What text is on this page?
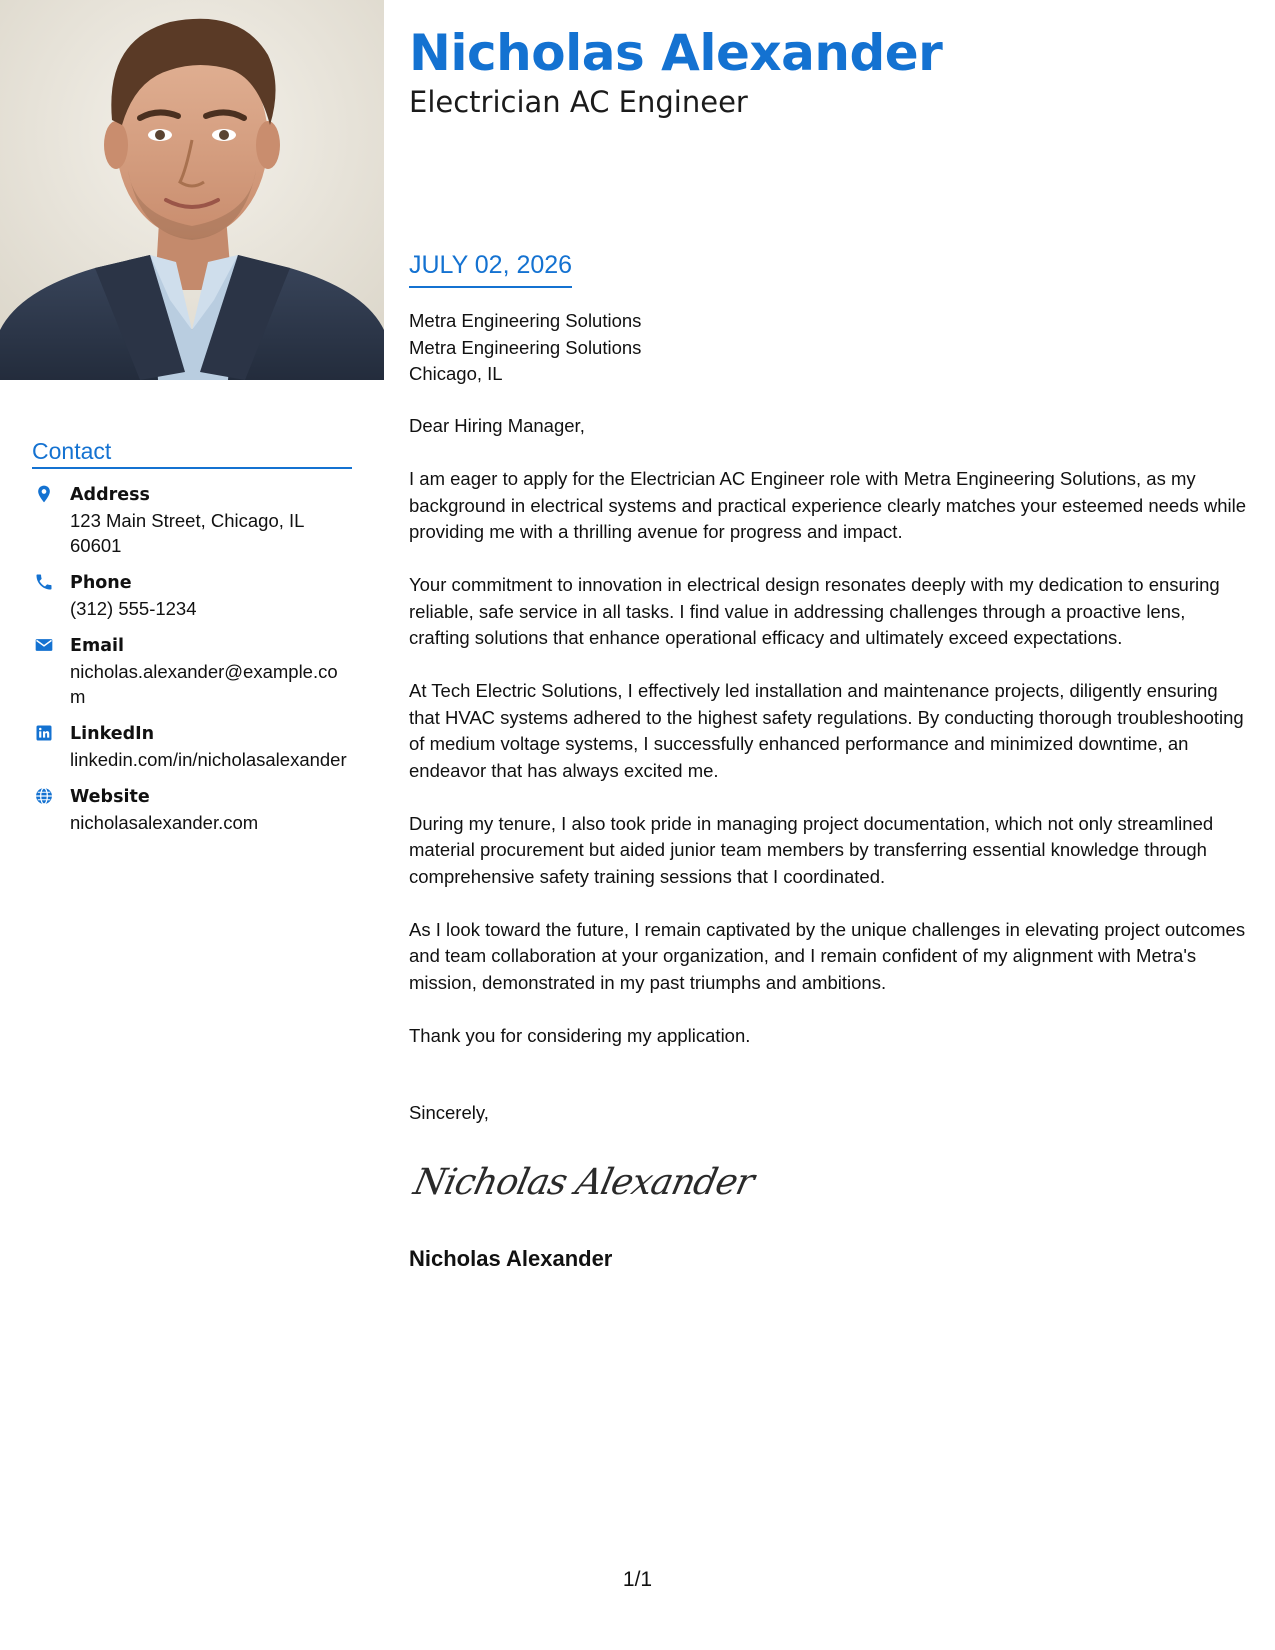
Contact
Address
123 Main Street, Chicago, IL 60601
Phone
(312) 555-1234
Email
nicholas.alexander@example.com
LinkedIn
linkedin.com/in/nicholasalexander
Website
nicholasalexander.com
Nicholas Alexander
Electrician AC Engineer
JULY 02, 2026
Metra Engineering Solutions
Metra Engineering Solutions
Chicago, IL

Dear Hiring Manager,

I am eager to apply for the Electrician AC Engineer role with Metra Engineering Solutions, as my background in electrical systems and practical experience clearly matches your esteemed needs while providing me with a thrilling avenue for progress and impact.

Your commitment to innovation in electrical design resonates deeply with my dedication to ensuring reliable, safe service in all tasks. I find value in addressing challenges through a proactive lens, crafting solutions that enhance operational efficacy and ultimately exceed expectations.

At Tech Electric Solutions, I effectively led installation and maintenance projects, diligently ensuring that HVAC systems adhered to the highest safety regulations. By conducting thorough troubleshooting of medium voltage systems, I successfully enhanced performance and minimized downtime, an endeavor that has always excited me.

During my tenure, I also took pride in managing project documentation, which not only streamlined material procurement but aided junior team members by transferring essential knowledge through comprehensive safety training sessions that I coordinated.

As I look toward the future, I remain captivated by the unique challenges in elevating project outcomes and team collaboration at your organization, and I remain confident of my alignment with Metra's mission, demonstrated in my past triumphs and ambitions.

Thank you for considering my application.

Sincerely,
Nicholas Alexander
Nicholas Alexander
1/1
